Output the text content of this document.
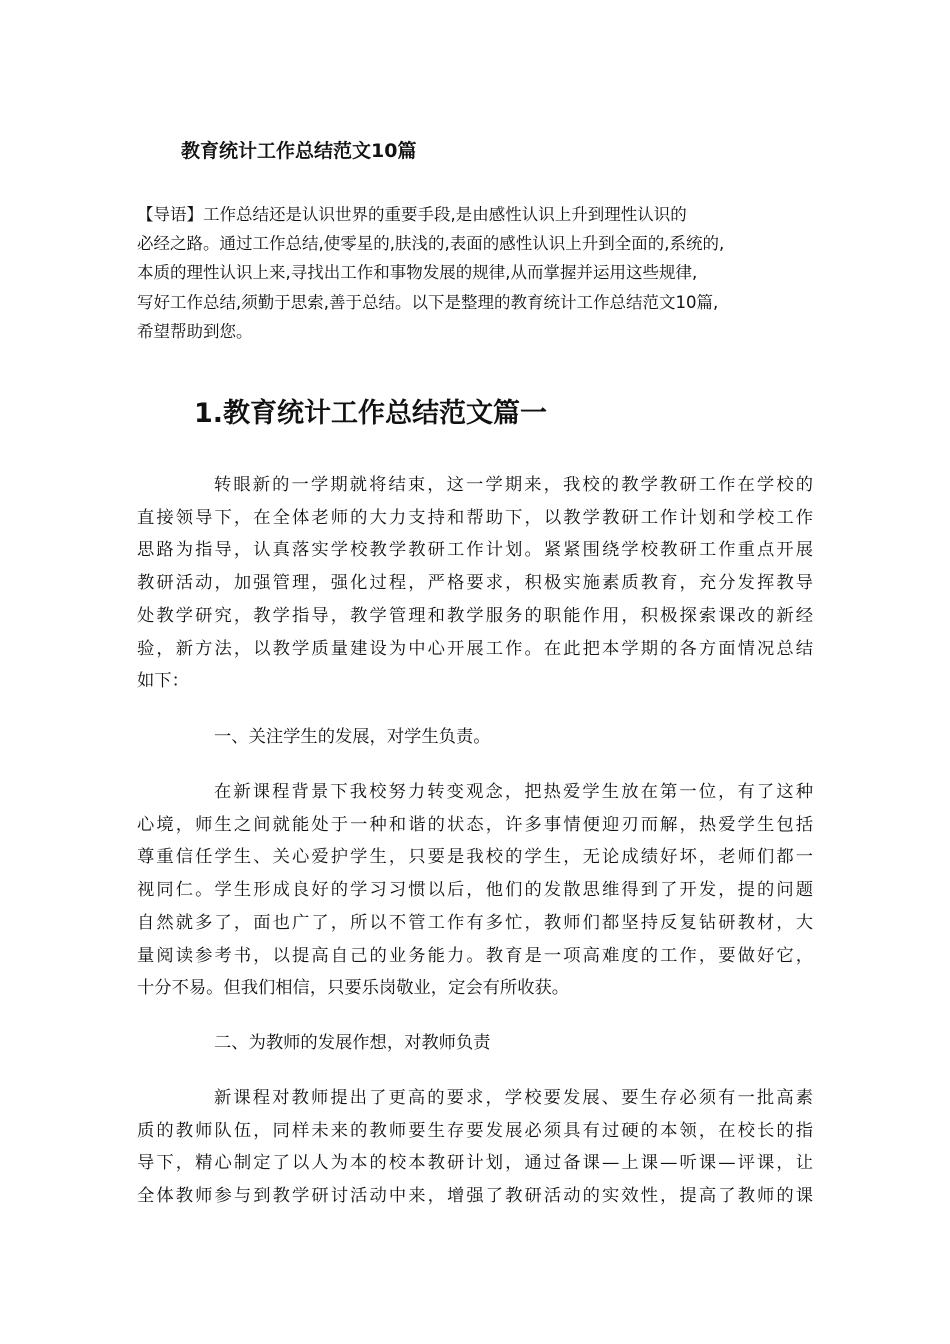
教育统计工作总结范文10篇
【导语】工作总结还是认识世界的重要手段,是由感性认识上升到理性认识的
必经之路。通过工作总结,使零星的,肤浅的,表面的感性认识上升到全面的,系统的,
本质的理性认识上来,寻找出工作和事物发展的规律,从而掌握并运用这些规律,
写好工作总结,须勤于思索,善于总结。以下是整理的教育统计工作总结范文10篇,
希望帮助到您。
1.教育统计工作总结范文篇一
转眼新的一学期就将结束，这一学期来，我校的教学教研工作在学校的
直接领导下，在全体老师的大力支持和帮助下，以教学教研工作计划和学校工作
思路为指导，认真落实学校教学教研工作计划。紧紧围绕学校教研工作重点开展
教研活动，加强管理，强化过程，严格要求，积极实施素质教育，充分发挥教导
处教学研究，教学指导，教学管理和教学服务的职能作用，积极探索课改的新经
验，新方法，以教学质量建设为中心开展工作。在此把本学期的各方面情况总结
如下：

一、关注学生的发展，对学生负责。

在新课程背景下我校努力转变观念，把热爱学生放在第一位，有了这种
心境，师生之间就能处于一种和谐的状态，许多事情便迎刃而解，热爱学生包括
尊重信任学生、关心爱护学生，只要是我校的学生，无论成绩好坏，老师们都一
视同仁。学生形成良好的学习习惯以后，他们的发散思维得到了开发，提的问题
自然就多了，面也广了，所以不管工作有多忙，教师们都坚持反复钻研教材，大
量阅读参考书，以提高自己的业务能力。教育是一项高难度的工作，要做好它，
十分不易。但我们相信，只要乐岗敬业，定会有所收获。

二、为教师的发展作想，对教师负责

新课程对教师提出了更高的要求，学校要发展、要生存必须有一批高素
质的教师队伍，同样未来的教师要生存要发展必须具有过硬的本领，在校长的指
导下，精心制定了以人为本的校本教研计划，通过备课—上课—听课—评课，让
全体教师参与到教学研讨活动中来，增强了教研活动的实效性，提高了教师的课
